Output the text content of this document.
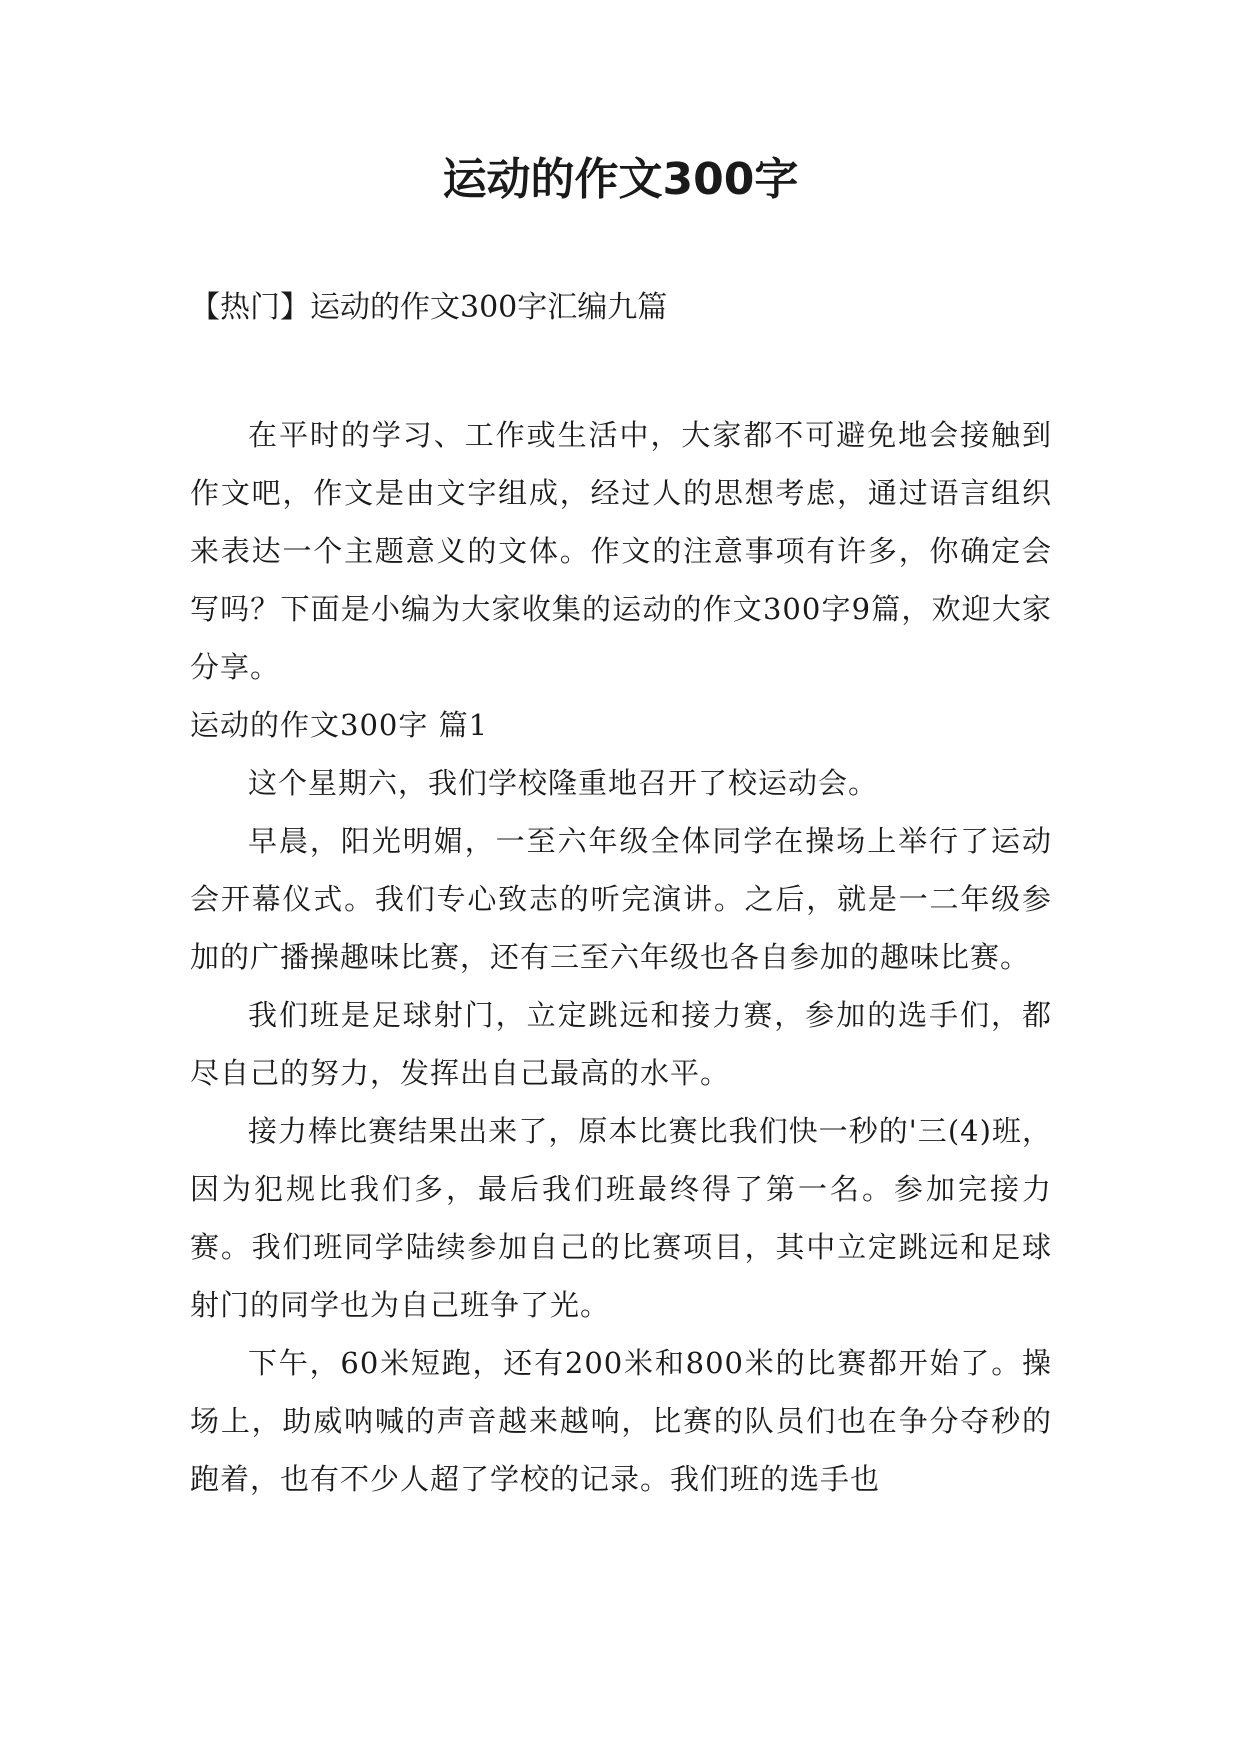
运动的作文300字

【热门】运动的作文300字汇编九篇

在平时的学习、工作或生活中，大家都不可避免地会接触到作文吧，作文是由文字组成，经过人的思想考虑，通过语言组织来表达一个主题意义的文体。作文的注意事项有许多，你确定会写吗？下面是小编为大家收集的运动的作文300字9篇，欢迎大家分享。

运动的作文300字 篇1

这个星期六，我们学校隆重地召开了校运动会。

早晨，阳光明媚，一至六年级全体同学在操场上举行了运动会开幕仪式。我们专心致志的听完演讲。之后，就是一二年级参加的广播操趣味比赛，还有三至六年级也各自参加的趣味比赛。

我们班是足球射门，立定跳远和接力赛，参加的选手们，都尽自己的努力，发挥出自己最高的水平。

接力棒比赛结果出来了，原本比赛比我们快一秒的'三(4)班，因为犯规比我们多，最后我们班最终得了第一名。参加完接力赛。我们班同学陆续参加自己的比赛项目，其中立定跳远和足球射门的同学也为自己班争了光。

下午，60米短跑，还有200米和800米的比赛都开始了。操场上，助威呐喊的声音越来越响，比赛的队员们也在争分夺秒的跑着，也有不少人超了学校的记录。我们班的选手也
